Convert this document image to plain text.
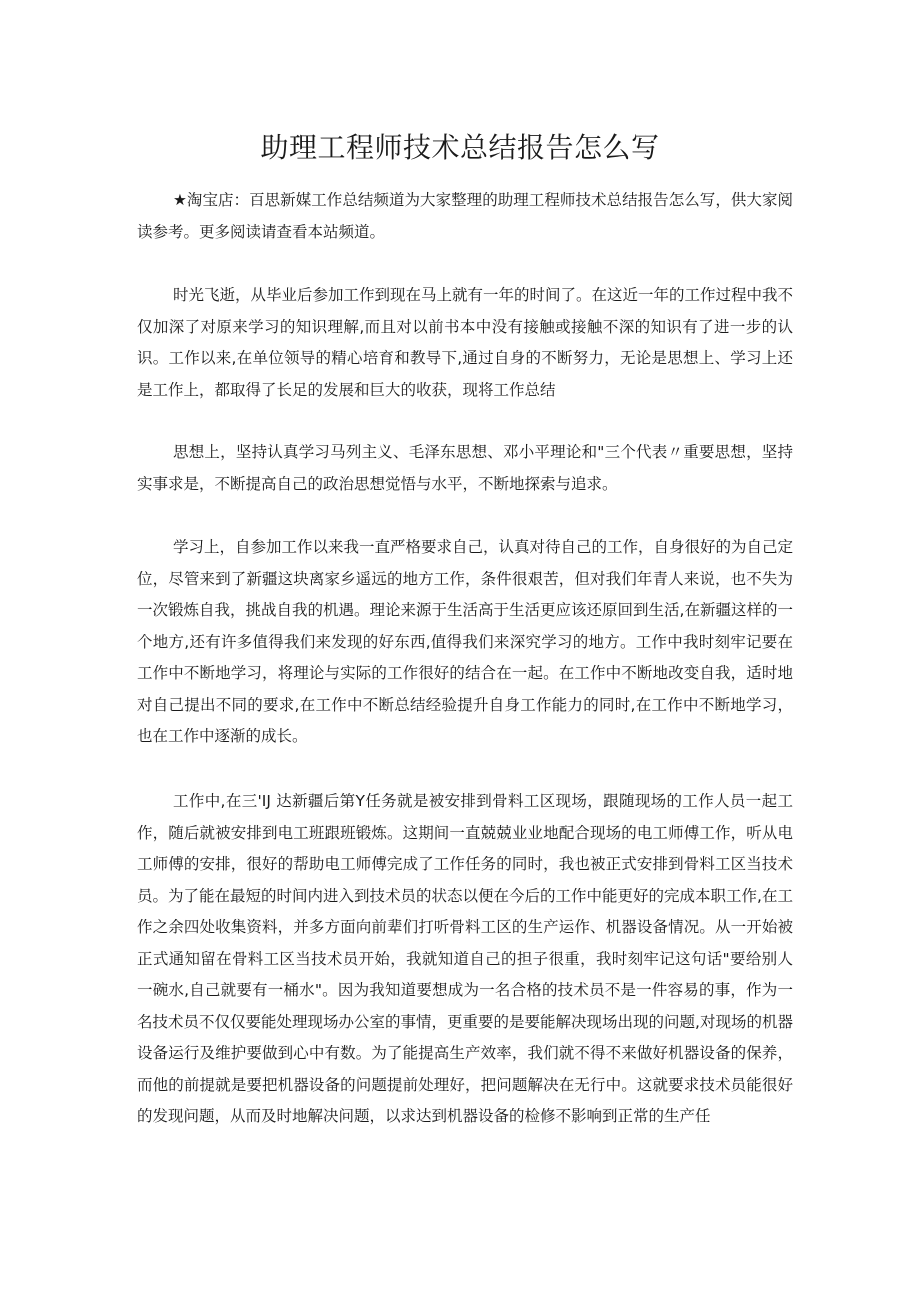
助理工程师技术总结报告怎么写

★淘宝店：百思新媒工作总结频道为大家整理的助理工程师技术总结报告怎么写，供大家阅读参考。更多阅读请查看本站频道。

时光飞逝，从毕业后参加工作到现在马上就有一年的时间了。在这近一年的工作过程中我不仅加深了对原来学习的知识理解,而且对以前书本中没有接触或接触不深的知识有了进一步的认识。工作以来,在单位领导的精心培育和教导下,通过自身的不断努力，无论是思想上、学习上还是工作上，都取得了长足的发展和巨大的收获，现将工作总结

思想上，坚持认真学习马列主义、毛泽东思想、邓小平理论和"三个代表〃重要思想，坚持实事求是，不断提高自己的政治思想觉悟与水平，不断地探索与追求。

学习上，自参加工作以来我一直严格要求自己，认真对待自己的工作，自身很好的为自己定位，尽管来到了新疆这块离家乡遥远的地方工作，条件很艰苦，但对我们年青人来说，也不失为一次锻炼自我，挑战自我的机遇。理论来源于生活高于生活更应该还原回到生活,在新疆这样的一个地方,还有许多值得我们来发现的好东西,值得我们来深究学习的地方。工作中我时刻牢记要在工作中不断地学习，将理论与实际的工作很好的结合在一起。在工作中不断地改变自我，适时地对自己提出不同的要求,在工作中不断总结经验提升自身工作能力的同时,在工作中不断地学习，也在工作中逐渐的成长。

工作中,在三'IJ 达新疆后第Y任务就是被安排到骨料工区现场，跟随现场的工作人员一起工作，随后就被安排到电工班跟班锻炼。这期间一直兢兢业业地配合现场的电工师傅工作，听从电工师傅的安排，很好的帮助电工师傅完成了工作任务的同时，我也被正式安排到骨料工区当技术员。为了能在最短的时间内进入到技术员的状态以便在今后的工作中能更好的完成本职工作,在工作之余四处收集资料，并多方面向前辈们打听骨料工区的生产运作、机器设备情况。从一开始被正式通知留在骨料工区当技术员开始，我就知道自己的担子很重，我时刻牢记这句话"要给别人一碗水,自己就要有一桶水"。因为我知道要想成为一名合格的技术员不是一件容易的事，作为一名技术员不仅仅要能处理现场办公室的事情，更重要的是要能解决现场出现的问题,对现场的机器设备运行及维护要做到心中有数。为了能提高生产效率，我们就不得不来做好机器设备的保养，而他的前提就是要把机器设备的问题提前处理好，把问题解决在无行中。这就要求技术员能很好的发现问题，从而及时地解决问题，以求达到机器设备的检修不影响到正常的生产任
